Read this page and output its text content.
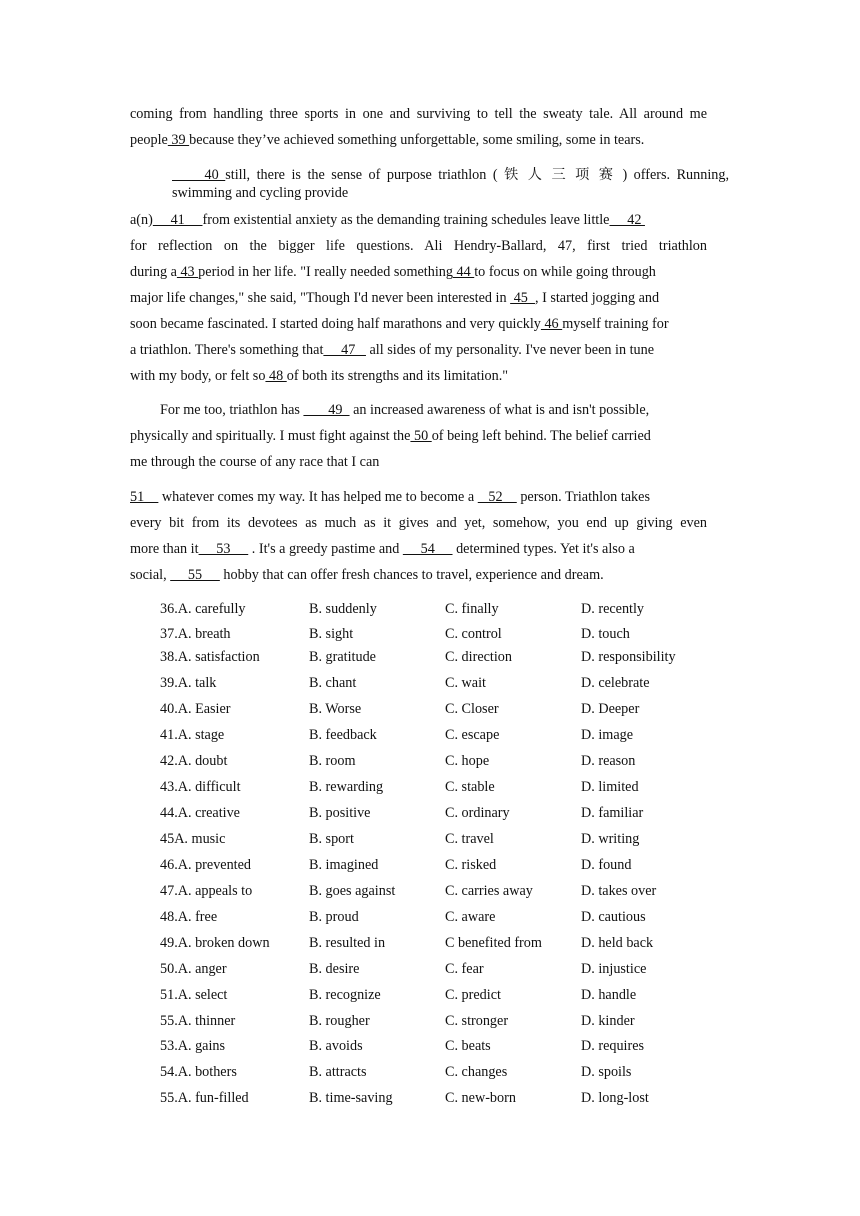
coming from handling three sports in one and surviving to tell the sweaty tale. All around me
people 39 because they’ve achieved something unforgettable, some smiling, some in tears.
40 still, there is the sense of purpose triathlon ( 铁 人 三 项 赛 ) offers. Running,
swimming and cycling provide
a(n)     41     from existential anxiety as the demanding training schedules leave little     42
for reflection on the bigger life questions. Ali Hendry-Ballard, 47, first tried triathlon
during a 43 period in her life. "I really needed something 44 to focus on while going through
major life changes," she said, "Though I'd never been interested in  45  , I started jogging and
soon became fascinated. I started doing half marathons and very quickly 46 myself training for
a triathlon. There's something that     47    all sides of my personality. I've never been in tune
with my body, or felt so 48 of both its strengths and its limitation."
For me too, triathlon has        49   an increased awareness of what is and isn't possible,
physically and spiritually. I must fight against the 50 of being left behind. The belief carried
me through the course of any race that I can
51     whatever comes my way. It has helped me to become a    52     person. Triathlon takes
every bit from its devotees as much as it gives and yet, somehow, you end up giving even
more than it     53      . It's a greedy pastime and      54      determined types. Yet it's also a
social,      55      hobby that can offer fresh chances to travel, experience and dream.
36.A. carefully	B. suddenly	C. finally	D. recently
37.A. breath	B. sight	C. control	D. touch
38.A. satisfaction	B. gratitude	C. direction	D. responsibility
39.A. talk	B. chant	C. wait	D. celebrate
40.A. Easier	B. Worse	C. Closer	D. Deeper
41.A. stage	B. feedback	C. escape	D. image
42.A. doubt	B. room	C. hope	D. reason
43.A. difficult	B. rewarding	C. stable	D. limited
44.A. creative	B. positive	C. ordinary	D. familiar
45A. music	B. sport	C. travel	D. writing
46.A. prevented	B. imagined	C. risked	D. found
47.A. appeals to	B. goes against	C. carries away	D. takes over
48.A. free	B. proud	C. aware	D. cautious
49.A. broken down	B. resulted in	C benefited from	D. held back
50.A. anger	B. desire	C. fear	D. injustice
51.A. select	B. recognize	C. predict	D. handle
55.A. thinner	B. rougher	C. stronger	D. kinder
53.A. gains	B. avoids	C. beats	D. requires
54.A. bothers	B. attracts	C. changes	D. spoils
55.A. fun-filled	B. time-saving	C. new-born	D. long-lost
